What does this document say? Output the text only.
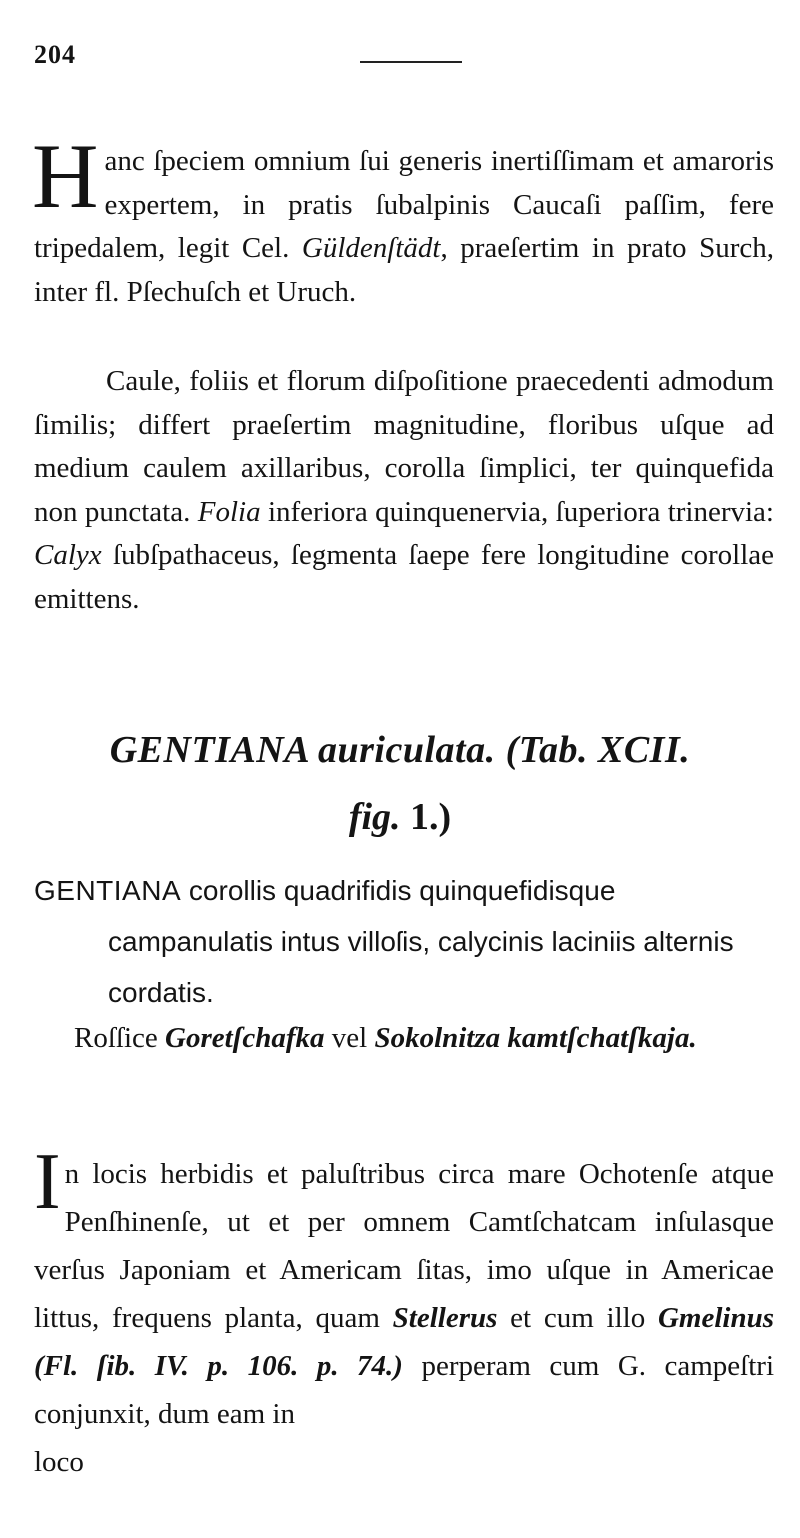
204

Hanc ſpeciem omnium ſui generis inertiſſimam et amaroris expertem, in pratis ſubalpinis Caucaſi paſſim, fere tripedalem, legit Cel. Güldenſtädt, praeſertim in prato Surch, inter fl. Pſechuſch et Uruch.

Caule, foliis et florum diſpoſitione praecedenti admodum ſimilis; differt praeſertim magnitudine, floribus uſque ad medium caulem axillaribus, corolla ſimplici, ter quinquefida non punctata. Folia inferiora quinquenervia, ſuperiora trinervia: Calyx ſubſpathaceus, ſegmenta ſaepe fere longitudine corollae emittens.

GENTIANA auriculata. (Tab. XCII.
fig. 1.)

GENTIANA corollis quadrifidis quinquefidisque campanulatis intus villoſis, calycinis laciniis alternis cordatis.

Roſſice Goretſchafka vel Sokolnitza kamtſchatſkaja.

In locis herbidis et paluſtribus circa mare Ochotenſe atque Penſhinenſe, ut et per omnem Camtſchatcam inſulasque verſus Japoniam et Americam ſitas, imo uſque in Americae littus, frequens planta, quam Stellerus et cum illo Gmelinus (Fl. ſib. IV. p. 106. p. 74.) perperam cum G. campeſtri conjunxit, dum eam in
loco
